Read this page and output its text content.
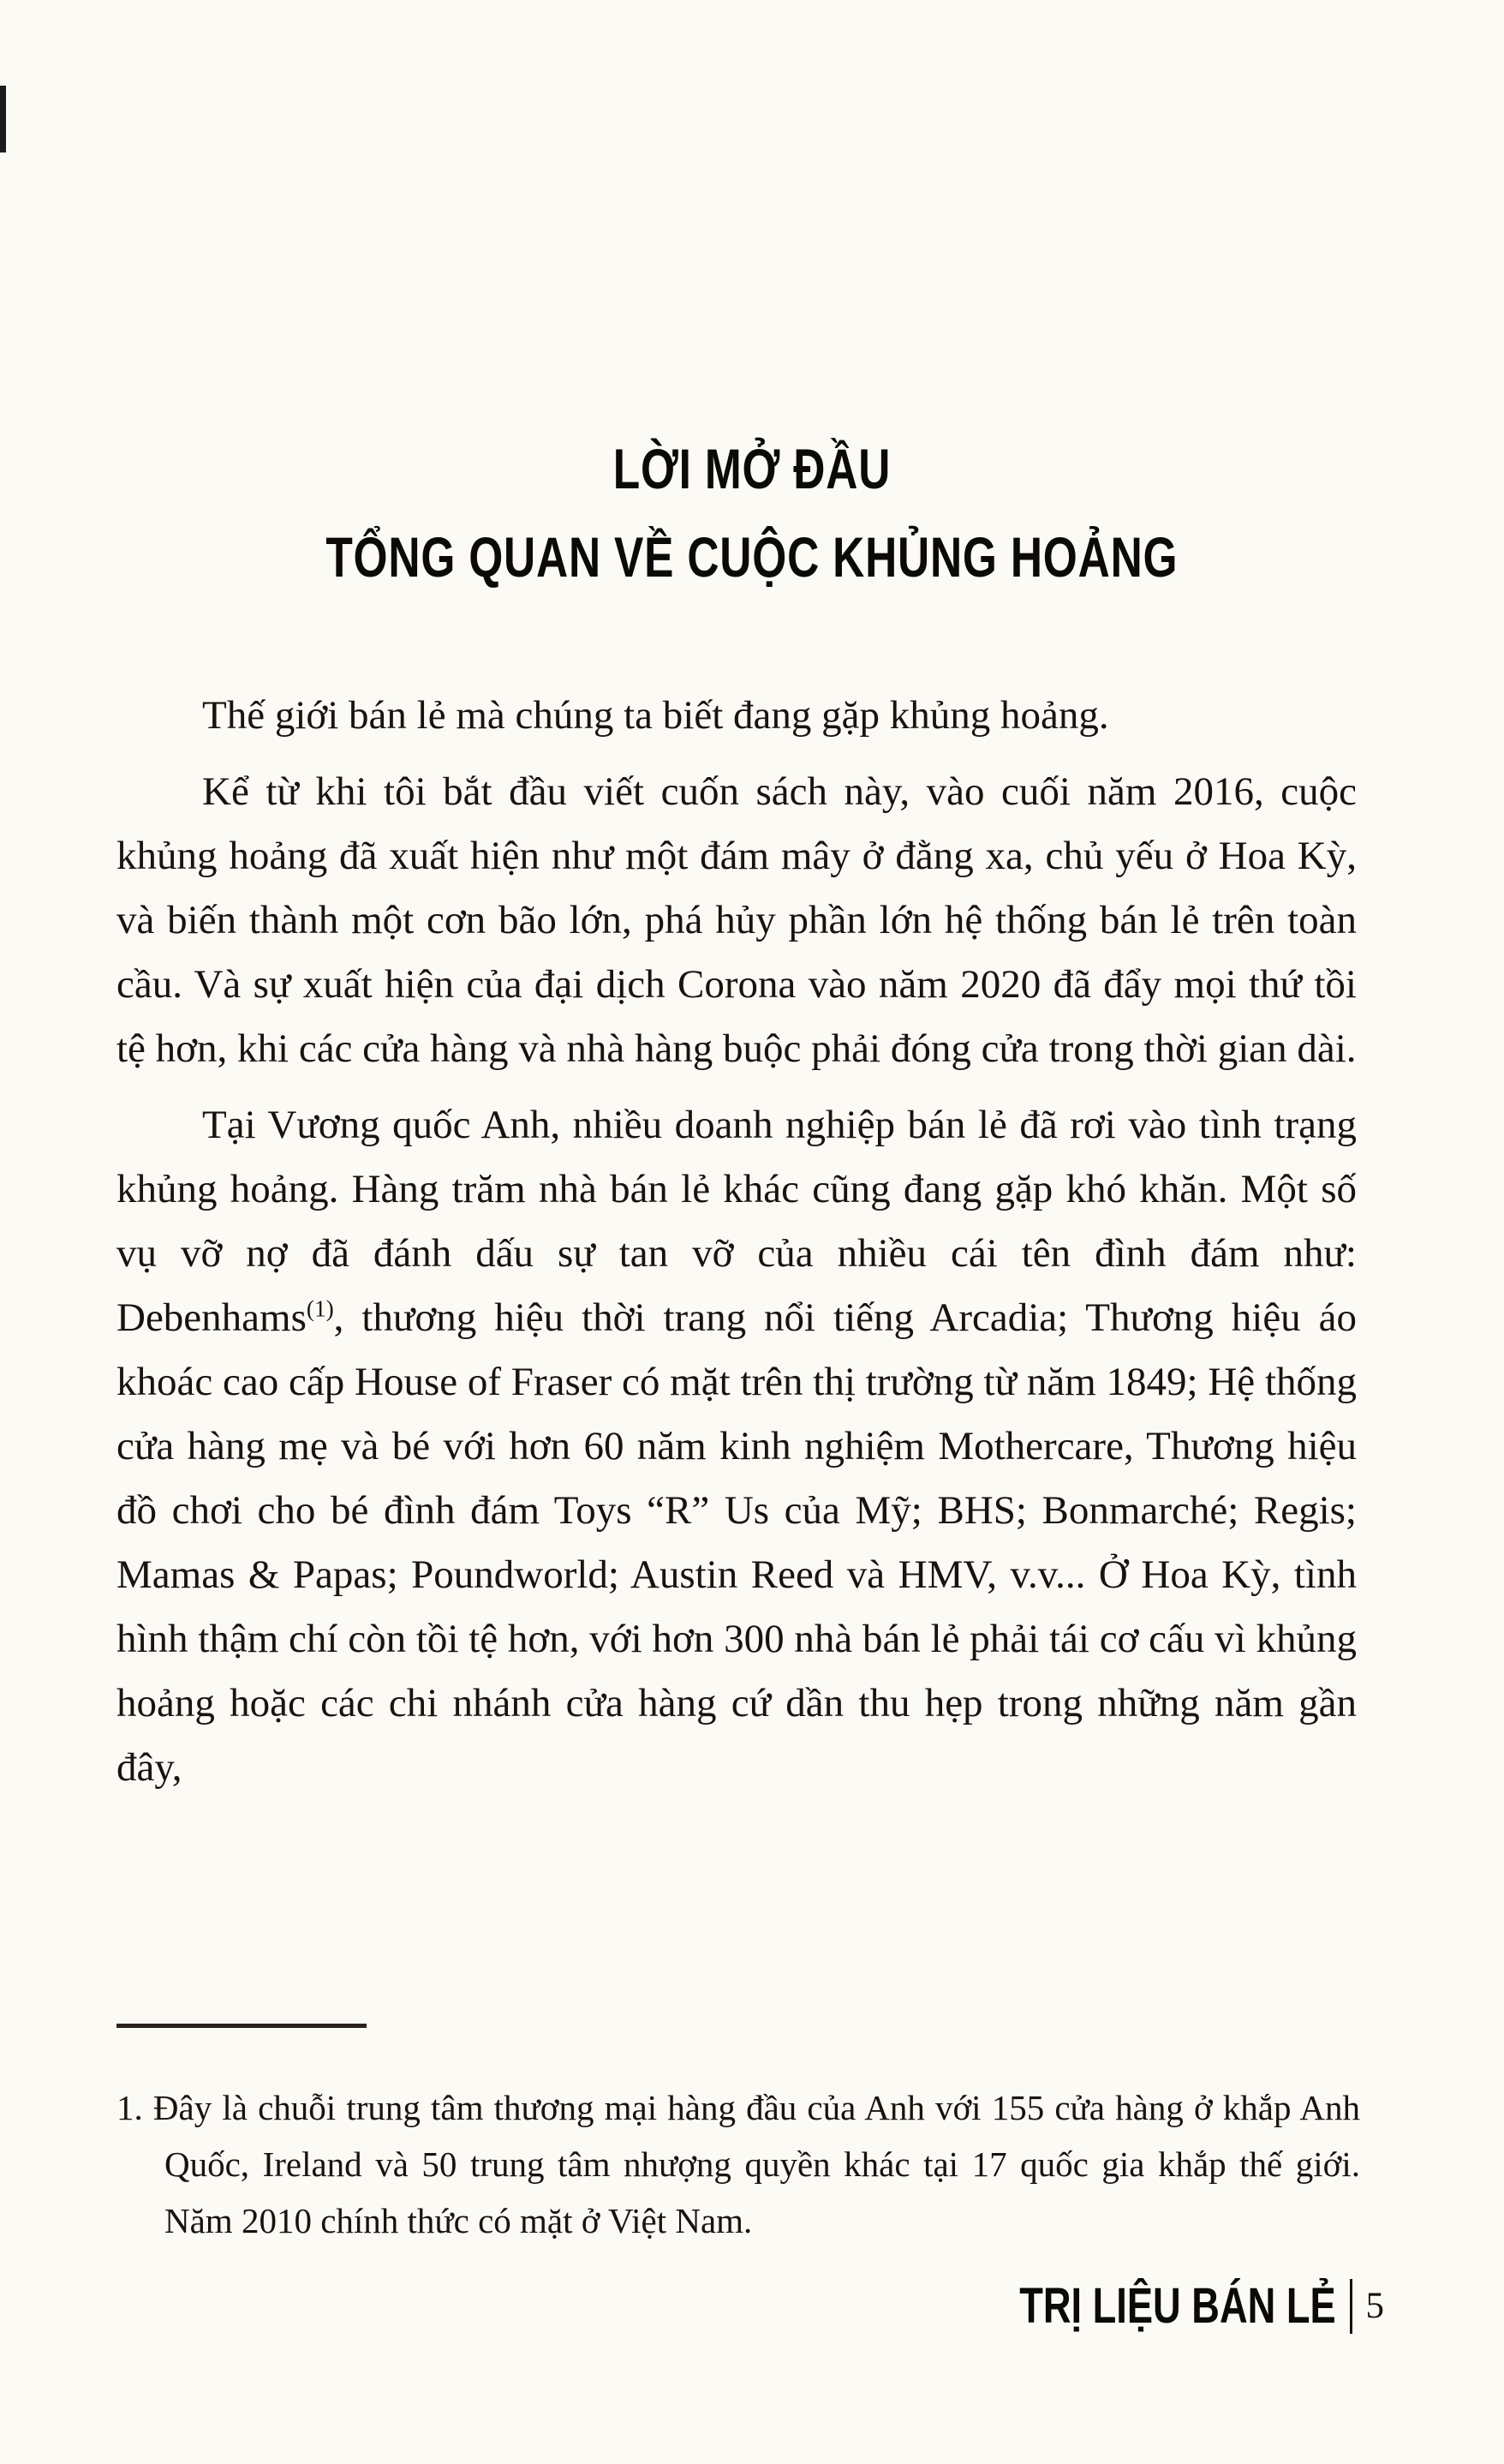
LỜI MỞ ĐẦU
TỔNG QUAN VỀ CUỘC KHỦNG HOẢNG

Thế giới bán lẻ mà chúng ta biết đang gặp khủng hoảng.

Kể từ khi tôi bắt đầu viết cuốn sách này, vào cuối năm 2016, cuộc khủng hoảng đã xuất hiện như một đám mây ở đằng xa, chủ yếu ở Hoa Kỳ, và biến thành một cơn bão lớn, phá hủy phần lớn hệ thống bán lẻ trên toàn cầu. Và sự xuất hiện của đại dịch Corona vào năm 2020 đã đẩy mọi thứ tồi tệ hơn, khi các cửa hàng và nhà hàng buộc phải đóng cửa trong thời gian dài.

Tại Vương quốc Anh, nhiều doanh nghiệp bán lẻ đã rơi vào tình trạng khủng hoảng. Hàng trăm nhà bán lẻ khác cũng đang gặp khó khăn. Một số vụ vỡ nợ đã đánh dấu sự tan vỡ của nhiều cái tên đình đám như: Debenhams$^{(1)}$, thương hiệu thời trang nổi tiếng Arcadia; Thương hiệu áo khoác cao cấp House of Fraser có mặt trên thị trường từ năm 1849; Hệ thống cửa hàng mẹ và bé với hơn 60 năm kinh nghiệm Mothercare, Thương hiệu đồ chơi cho bé đình đám Toys “R” Us của Mỹ; BHS; Bonmarché; Regis; Mamas & Papas; Poundworld; Austin Reed và HMV, v.v... Ở Hoa Kỳ, tình hình thậm chí còn tồi tệ hơn, với hơn 300 nhà bán lẻ phải tái cơ cấu vì khủng hoảng hoặc các chi nhánh cửa hàng cứ dần thu hẹp trong những năm gần đây,

1. Đây là chuỗi trung tâm thương mại hàng đầu của Anh với 155 cửa hàng ở khắp Anh Quốc, Ireland và 50 trung tâm nhượng quyền khác tại 17 quốc gia khắp thế giới. Năm 2010 chính thức có mặt ở Việt Nam.

TRỊ LIỆU BÁN LẺ 5
